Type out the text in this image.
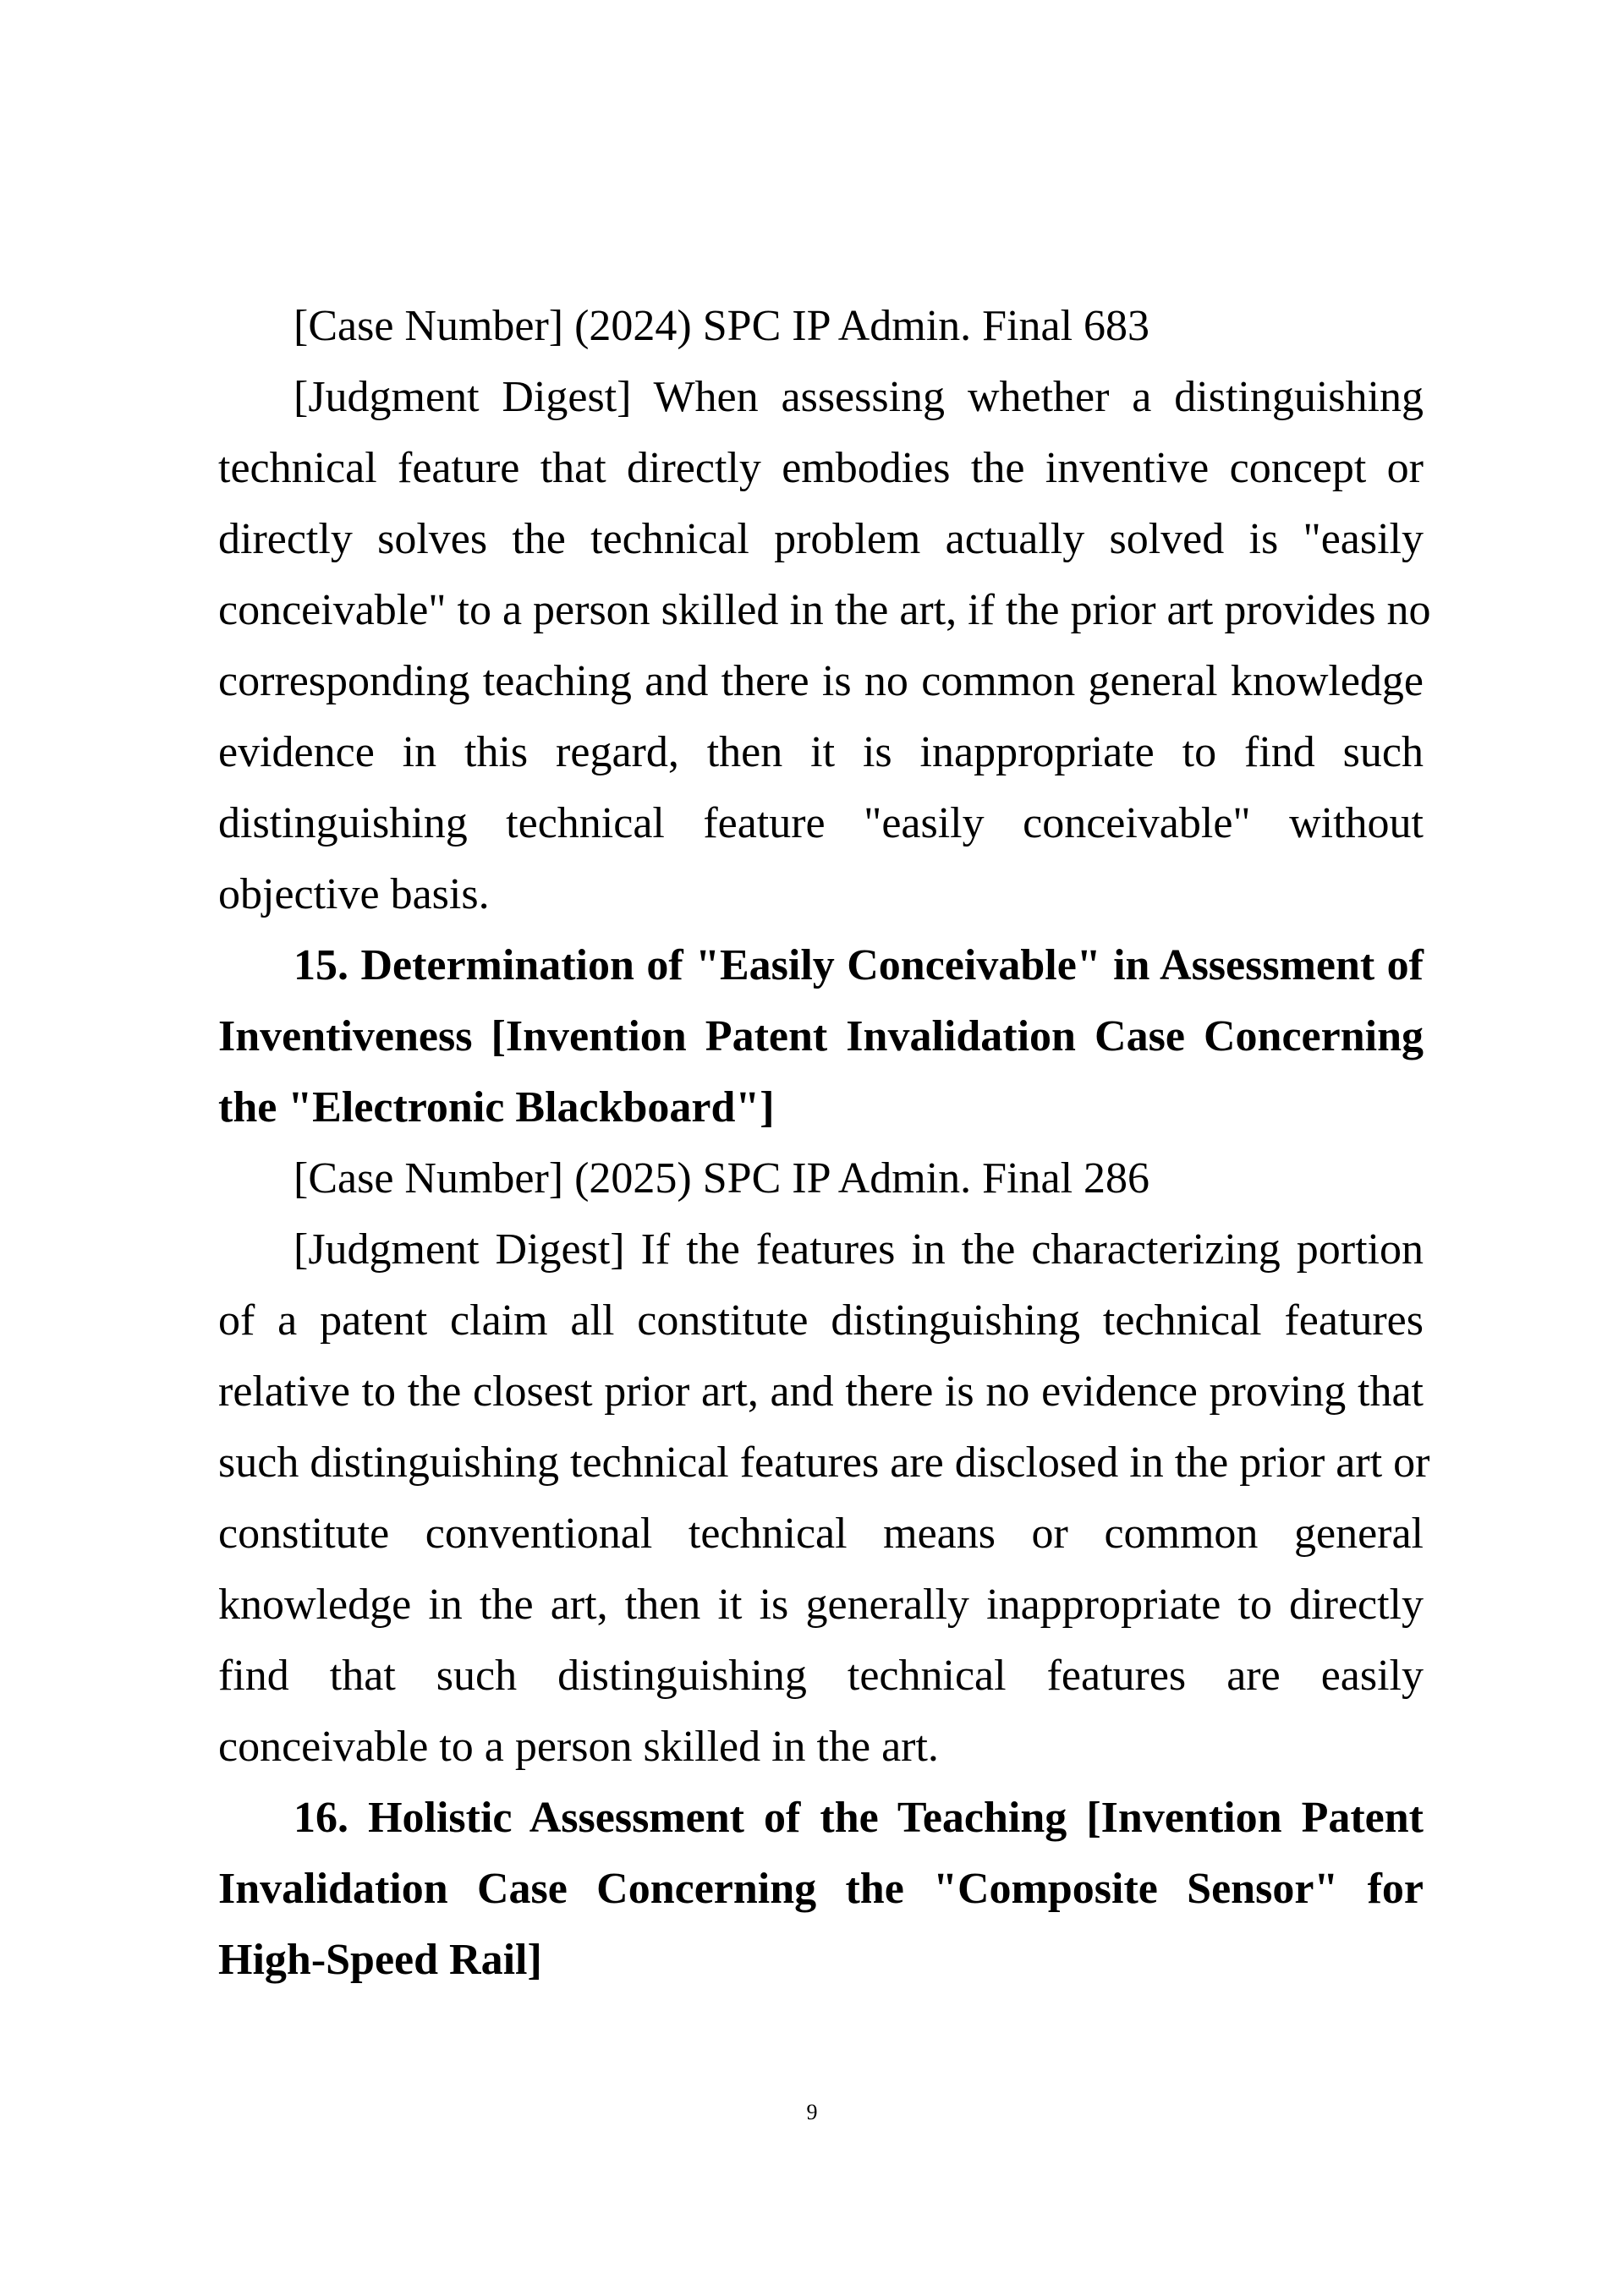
[Case Number] (2024) SPC IP Admin. Final 683
[Judgment Digest] When assessing whether a distinguishing
technical feature that directly embodies the inventive concept or
directly solves the technical problem actually solved is "easily
conceivable" to a person skilled in the art, if the prior art provides no
corresponding teaching and there is no common general knowledge
evidence in this regard, then it is inappropriate to find such
distinguishing technical feature "easily conceivable" without
objective basis.
15. Determination of "Easily Conceivable" in Assessment of
Inventiveness [Invention Patent Invalidation Case Concerning
the "Electronic Blackboard"]
[Case Number] (2025) SPC IP Admin. Final 286
[Judgment Digest] If the features in the characterizing portion
of a patent claim all constitute distinguishing technical features
relative to the closest prior art, and there is no evidence proving that
such distinguishing technical features are disclosed in the prior art or
constitute conventional technical means or common general
knowledge in the art, then it is generally inappropriate to directly
find that such distinguishing technical features are easily
conceivable to a person skilled in the art.
16. Holistic Assessment of the Teaching [Invention Patent
Invalidation Case Concerning the "Composite Sensor" for
High-Speed Rail]
9
